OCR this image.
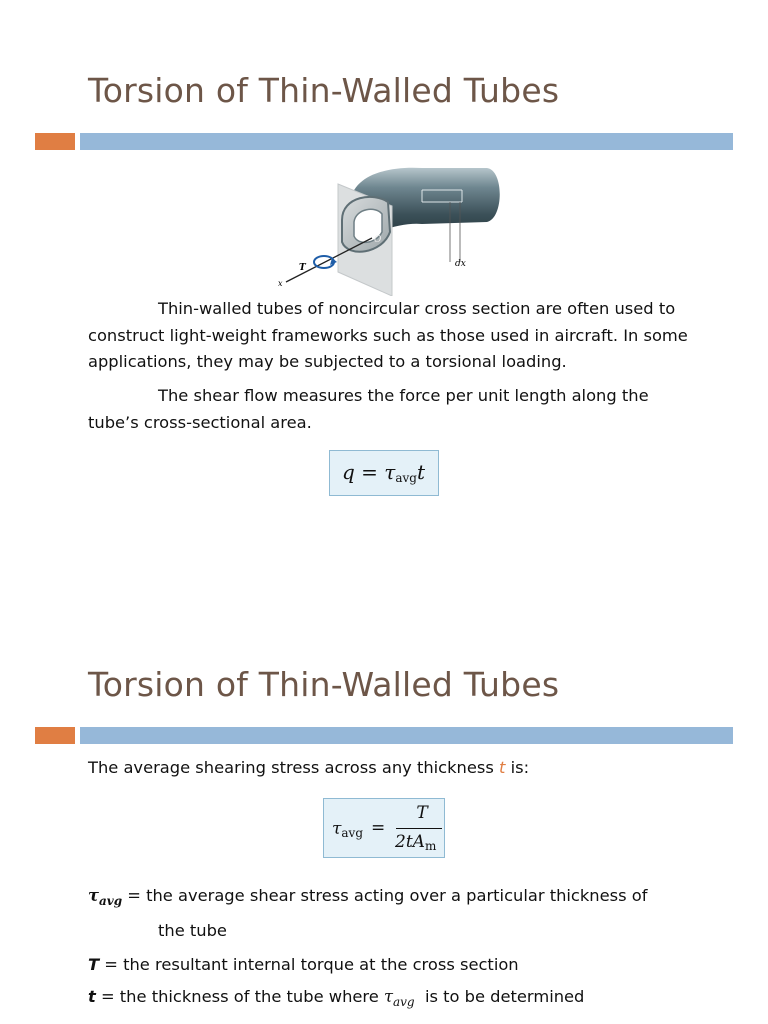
Torsion of Thin-Walled Tubes
T
x
O
dx

Thin-walled tubes of noncircular cross section are often used to construct light-weight frameworks such as those used in aircraft. In some applications, they may be subjected to a torsional loading.

The shear flow measures the force per unit length along the tube’s cross-sectional area.

$q = \tau_{avg}t$
Torsion of Thin-Walled Tubes
The average shearing stress across any thickness t is:
$\tau_{avg}$ =
T
$2tA_m$
$\tau_{avg}$ = the average shear stress acting over a particular thickness of
the tube
T = the resultant internal torque at the cross section
t = the thickness of the tube where $\tau_{avg}$  is to be determined
